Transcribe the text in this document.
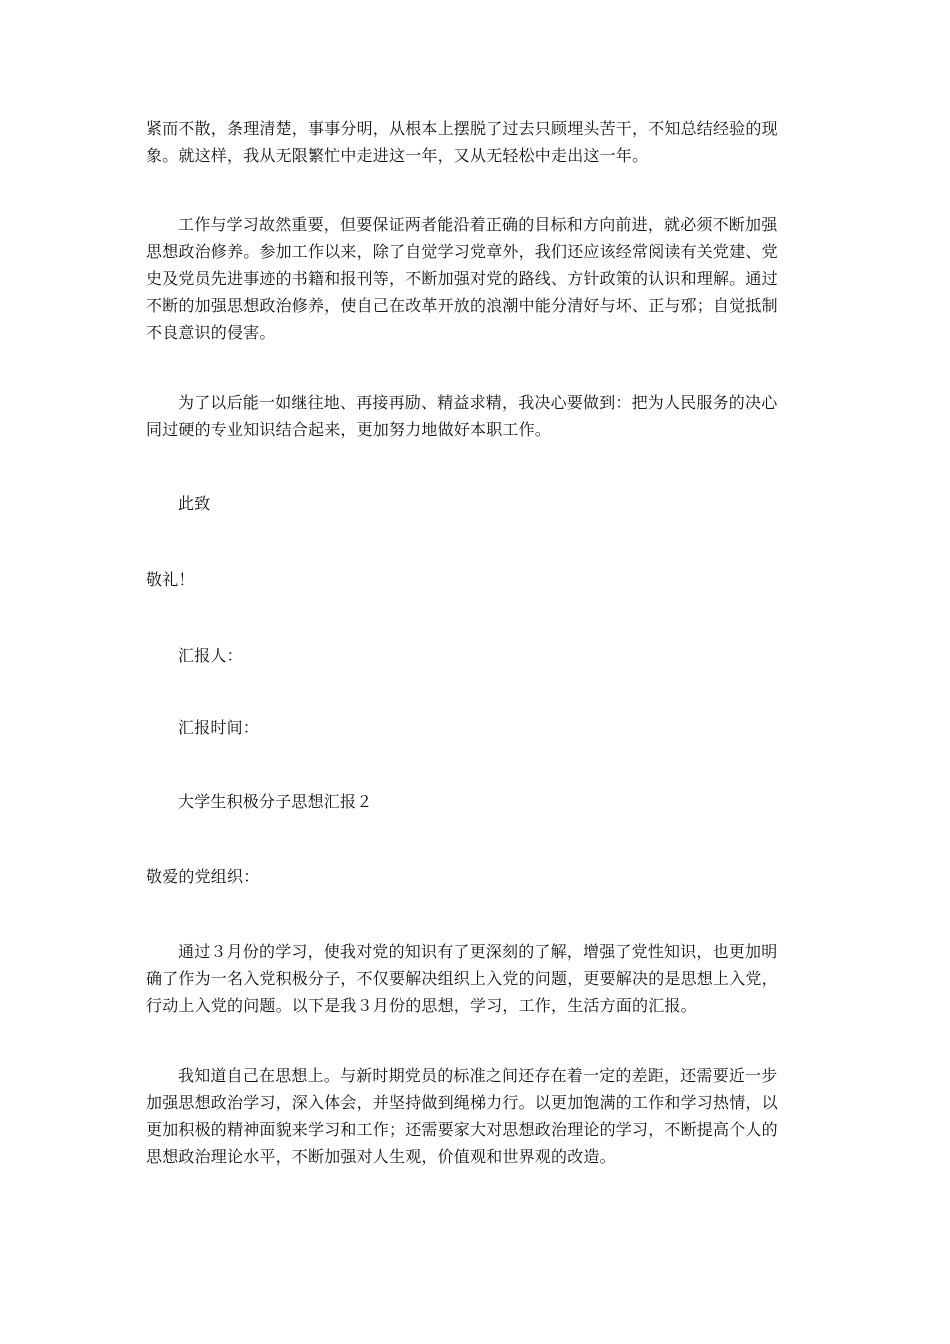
紧而不散，条理清楚，事事分明，从根本上摆脱了过去只顾埋头苦干，不知总结经验的现
象。就这样，我从无限繁忙中走进这一年，又从无轻松中走出这一年。
工作与学习故然重要，但要保证两者能沿着正确的目标和方向前进，就必须不断加强
思想政治修养。参加工作以来，除了自觉学习党章外，我们还应该经常阅读有关党建、党
史及党员先进事迹的书籍和报刊等，不断加强对党的路线、方针政策的认识和理解。通过
不断的加强思想政治修养，使自己在改革开放的浪潮中能分清好与坏、正与邪；自觉抵制
不良意识的侵害。
为了以后能一如继往地、再接再励、精益求精，我决心要做到：把为人民服务的决心
同过硬的专业知识结合起来，更加努力地做好本职工作。
此致
敬礼！
汇报人：
汇报时间：
大学生积极分子思想汇报２
敬爱的党组织：
通过３月份的学习，使我对党的知识有了更深刻的了解，增强了党性知识，也更加明
确了作为一名入党积极分子，不仅要解决组织上入党的问题，更要解决的是思想上入党，
行动上入党的问题。以下是我３月份的思想，学习，工作，生活方面的汇报。
我知道自己在思想上。与新时期党员的标准之间还存在着一定的差距，还需要近一步
加强思想政治学习，深入体会，并坚持做到绳梯力行。以更加饱满的工作和学习热情，以
更加积极的精神面貌来学习和工作；还需要家大对思想政治理论的学习，不断提高个人的
思想政治理论水平，不断加强对人生观，价值观和世界观的改造。
